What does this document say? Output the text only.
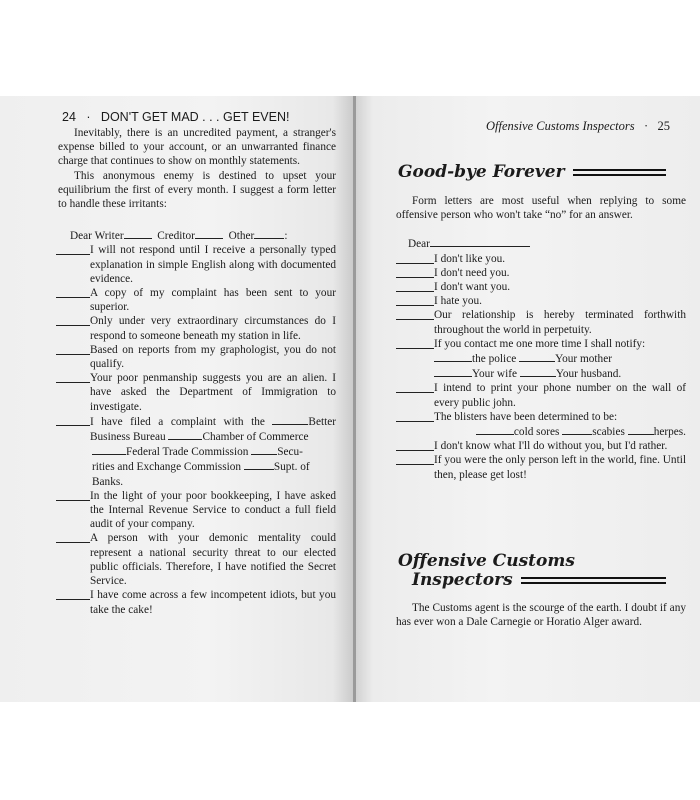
24 · DON'T GET MAD . . . GET EVEN!

Inevitably, there is an uncredited payment, a stranger's expense billed to your account, or an unwarranted finance charge that continues to show on monthly statements.

This anonymous enemy is destined to upset your equilibrium the first of every month. I suggest a form letter to handle these irritants:

Dear Writer	Creditor	Other	:

I will not respond until I receive a personally typed explanation in simple English along with documented evidence.
A copy of my complaint has been sent to your superior.
Only under very extraordinary circumstances do I respond to someone beneath my station in life.
Based on reports from my graphologist, you do not qualify.
Your poor penmanship suggests you are an alien. I have asked the Department of Immigration to investigate.
I have filed a complaint with the	Better Business Bureau	Chamber of Commerce
Federal Trade Commission	Secu-
rities and Exchange Commission	Supt. of
Banks.
In the light of your poor bookkeeping, I have asked the Internal Revenue Service to conduct a full field audit of your company.
A person with your demonic mentality could represent a national security threat to our elected public officials. Therefore, I have notified the Secret Service.
I have come across a few incompetent idiots, but you take the cake!
Offensive Customs Inspectors · 25
Good-bye Forever

Form letters are most useful when replying to some offensive person who won't take “no” for an answer.

Dear

I don't like you.
I don't need you.
I don't want you.
I hate you.
Our relationship is hereby terminated forthwith throughout the world in perpetuity.
If you contact me one more time I shall notify:
the police	Your mother
Your wife	Your husband.
I intend to print your phone number on the wall of every public john.
The blisters have been determined to be:
cold sores	scabies	herpes.
I don't know what I'll do without you, but I'd rather.
If you were the only person left in the world, fine. Until then, please get lost!
Offensive Customs
Inspectors

The Customs agent is the scourge of the earth. I doubt if any has ever won a Dale Carnegie or Horatio Alger award.
